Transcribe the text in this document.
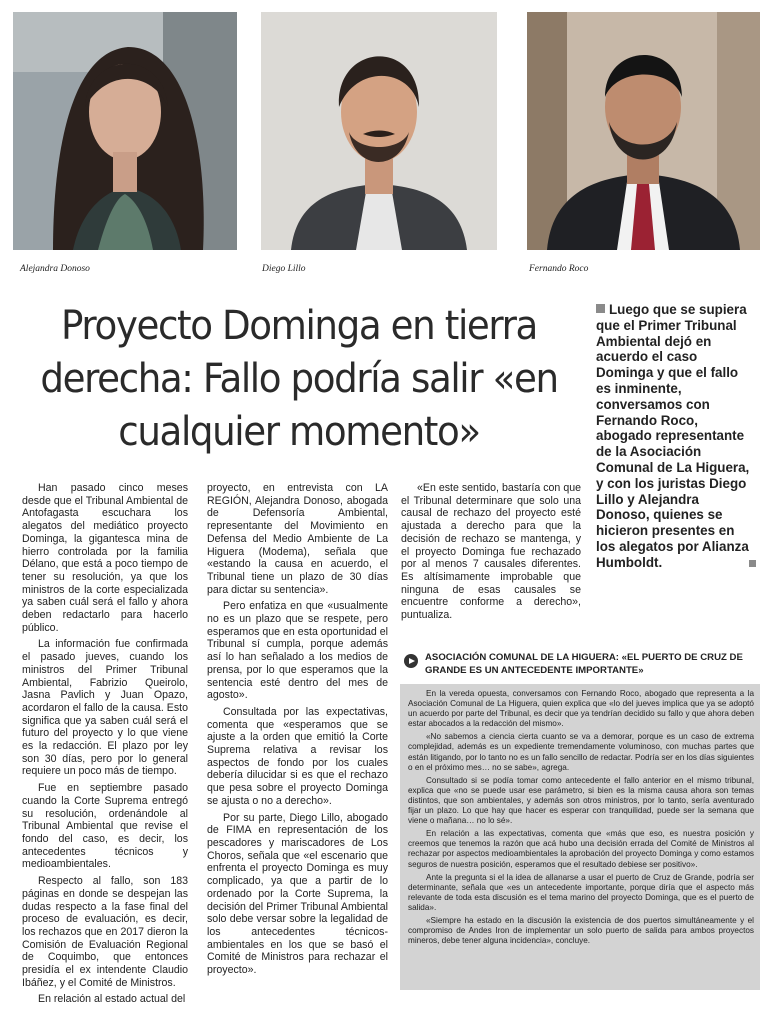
Alejandra Donoso	Diego Lillo	Fernando Roco
Proyecto Dominga en tierra derecha: Fallo podría salir «en cualquier momento»
Luego que se supiera que el Primer Tribunal Ambiental dejó en acuerdo el caso Dominga y que el fallo es inminente, conversamos con Fernando Roco, abogado representante de la Asociación Comunal de La Higuera, y con los juristas Diego Lillo y Alejandra Donoso, quienes se hicieron presentes en los alegatos por Alianza Humboldt.

Han pasado cinco meses desde que el Tribunal Ambiental de Antofagasta escuchara los alegatos del mediático proyecto Dominga, la gigantesca mina de hierro controlada por la familia Délano, que está a poco tiempo de tener su resolución, ya que los ministros de la corte especializada ya saben cuál será el fallo y ahora deben redactarlo para hacerlo público.

La información fue confirmada el pasado jueves, cuando los ministros del Primer Tribunal Ambiental, Fabrizio Queirolo, Jasna Pavlich y Juan Opazo, acordaron el fallo de la causa. Esto significa que ya saben cuál será el futuro del proyecto y lo que viene es la redacción. El plazo por ley son 30 días, pero por lo general requiere un poco más de tiempo.

Fue en septiembre pasado cuando la Corte Suprema entregó su resolución, ordenándole al Tribunal Ambiental que revise el fondo del caso, es decir, los antecedentes técnicos y medioambientales.

Respecto al fallo, son 183 páginas en donde se despejan las dudas respecto a la fase final del proceso de evaluación, es decir, los rechazos que en 2017 dieron la Comisión de Evaluación Regional de Coquimbo, que entonces presidía el ex intendente Claudio Ibáñez, y el Comité de Ministros.

En relación al estado actual del

proyecto, en entrevista con LA REGIÓN, Alejandra Donoso, abogada de Defensoría Ambiental, representante del Movimiento en Defensa del Medio Ambiente de La Higuera (Modema), señala que «estando la causa en acuerdo, el Tribunal tiene un plazo de 30 días para dictar su sentencia».

Pero enfatiza en que «usualmente no es un plazo que se respete, pero esperamos que en esta oportunidad el Tribunal sí cumpla, porque además así lo han señalado a los medios de prensa, por lo que esperamos que la sentencia esté dentro del mes de agosto».

Consultada por las expectativas, comenta que «esperamos que se ajuste a la orden que emitió la Corte Suprema relativa a revisar los aspectos de fondo por los cuales debería dilucidar si es que el rechazo que pesa sobre el proyecto Dominga se ajusta o no a derecho».

Por su parte, Diego Lillo, abogado de FIMA en representación de los pescadores y mariscadores de Los Choros, señala que «el escenario que enfrenta el proyecto Dominga es muy complicado, ya que a partir de lo ordenado por la Corte Suprema, la decisión del Primer Tribunal Ambiental solo debe versar sobre la legalidad de los antecedentes técnicos-ambientales en los que se basó el Comité de Ministros para rechazar el proyecto».

«En este sentido, bastaría con que el Tribunal determinare que solo una causal de rechazo del proyecto esté ajustada a derecho para que la decisión de rechazo se mantenga, y el proyecto Dominga fue rechazado por al menos 7 causales diferentes. Es altísimamente improbable que ninguna de esas causales se encuentre conforme a derecho», puntualiza.

ASOCIACIÓN COMUNAL DE LA HIGUERA: «EL PUERTO DE CRUZ DE GRANDE ES UN ANTECEDENTE IMPORTANTE»

En la vereda opuesta, conversamos con Fernando Roco, abogado que representa a la Asociación Comunal de La Higuera, quien explica que «lo del jueves implica que ya se adoptó un acuerdo por parte del Tribunal, es decir que ya tendrían decidido su fallo y que ahora deben estar abocados a la redacción del mismo».

«No sabemos a ciencia cierta cuanto se va a demorar, porque es un caso de extrema complejidad, además es un expediente tremendamente voluminoso, con muchas partes que están litigando, por lo tanto no es un fallo sencillo de redactar. Podría ser en los días siguientes o en el próximo mes… no se sabe», agrega.

Consultado si se podía tomar como antecedente el fallo anterior en el mismo tribunal, explica que «no se puede usar ese parámetro, si bien es la misma causa ahora son temas distintos, que son ambientales, y además son otros ministros, por lo tanto, sería aventurado fijar un plazo. Lo que hay que hacer es esperar con tranquilidad, puede ser la semana que viene o mañana… no lo sé».

En relación a las expectativas, comenta que «más que eso, es nuestra posición y creemos que tenemos la razón que acá hubo una decisión errada del Comité de Ministros al rechazar por aspectos medioambientales la aprobación del proyecto Dominga y como estamos seguros de nuestra posición, esperamos que el resultado debiese ser positivo».

Ante la pregunta si el la idea de allanarse a usar el puerto de Cruz de Grande, podría ser determinante, señala que «es un antecedente importante, porque diría que el aspecto más relevante de toda esta discusión es el tema marino del proyecto Dominga, que es el puerto de salida».

«Siempre ha estado en la discusión la existencia de dos puertos simultáneamente y el compromiso de Andes Iron de implementar un solo puerto de salida para ambos proyectos mineros, debe tener alguna incidencia», concluye.
